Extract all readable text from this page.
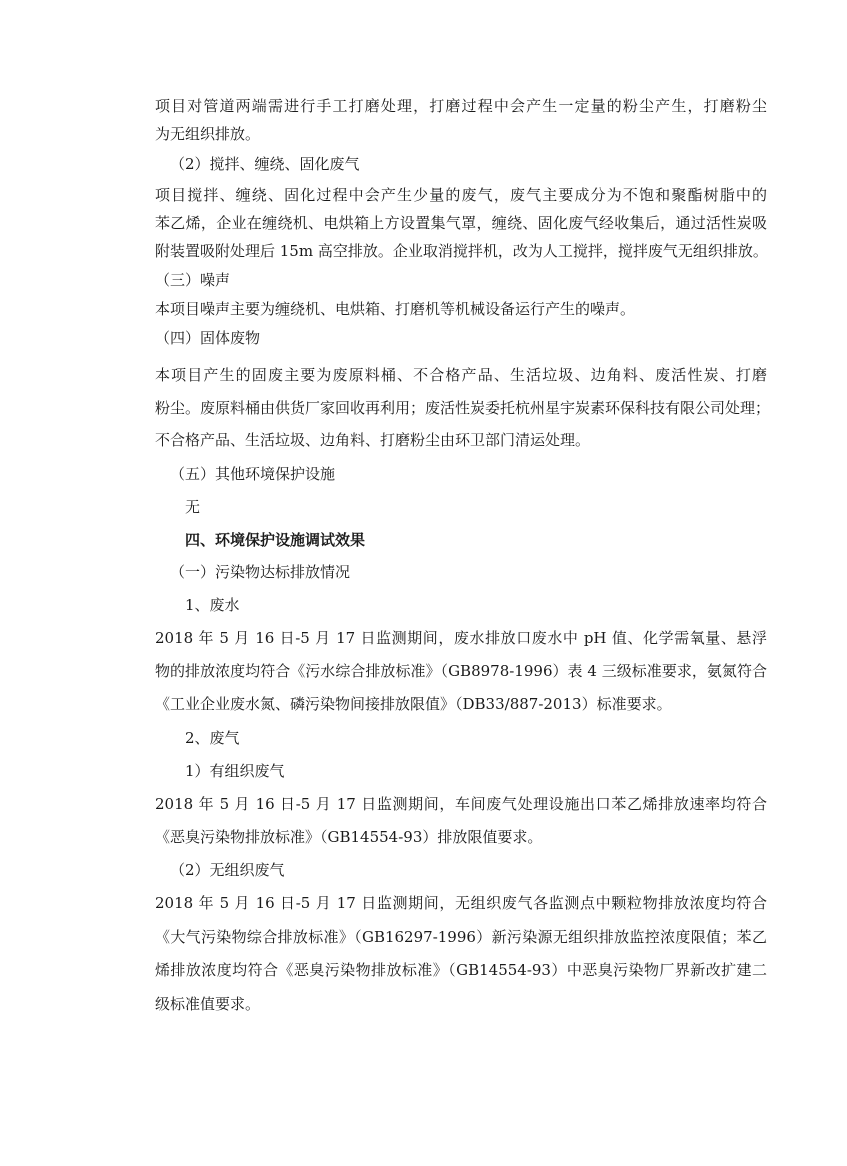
项目对管道两端需进行手工打磨处理，打磨过程中会产生一定量的粉尘产生，打磨粉尘
为无组织排放。
（2）搅拌、缠绕、固化废气
项目搅拌、缠绕、固化过程中会产生少量的废气，废气主要成分为不饱和聚酯树脂中的
苯乙烯，企业在缠绕机、电烘箱上方设置集气罩，缠绕、固化废气经收集后，通过活性炭吸
附装置吸附处理后 15m 高空排放。企业取消搅拌机，改为人工搅拌，搅拌废气无组织排放。
（三）噪声
本项目噪声主要为缠绕机、电烘箱、打磨机等机械设备运行产生的噪声。
（四）固体废物
本项目产生的固废主要为废原料桶、不合格产品、生活垃圾、边角料、废活性炭、打磨
粉尘。废原料桶由供货厂家回收再利用；废活性炭委托杭州星宇炭素环保科技有限公司处理；
不合格产品、生活垃圾、边角料、打磨粉尘由环卫部门清运处理。
（五）其他环境保护设施
无
四、环境保护设施调试效果
（一）污染物达标排放情况
1、废水
2018 年 5 月 16 日-5 月 17 日监测期间，废水排放口废水中 pH 值、化学需氧量、悬浮
物的排放浓度均符合《污水综合排放标准》（GB8978-1996）表 4 三级标准要求，氨氮符合
《工业企业废水氮、磷污染物间接排放限值》（DB33/887-2013）标准要求。
2、废气
1）有组织废气
2018 年 5 月 16 日-5 月 17 日监测期间，车间废气处理设施出口苯乙烯排放速率均符合
《恶臭污染物排放标准》（GB14554-93）排放限值要求。
（2）无组织废气
2018 年 5 月 16 日-5 月 17 日监测期间，无组织废气各监测点中颗粒物排放浓度均符合
《大气污染物综合排放标准》（GB16297-1996）新污染源无组织排放监控浓度限值；苯乙
烯排放浓度均符合《恶臭污染物排放标准》（GB14554-93）中恶臭污染物厂界新改扩建二
级标准值要求。
